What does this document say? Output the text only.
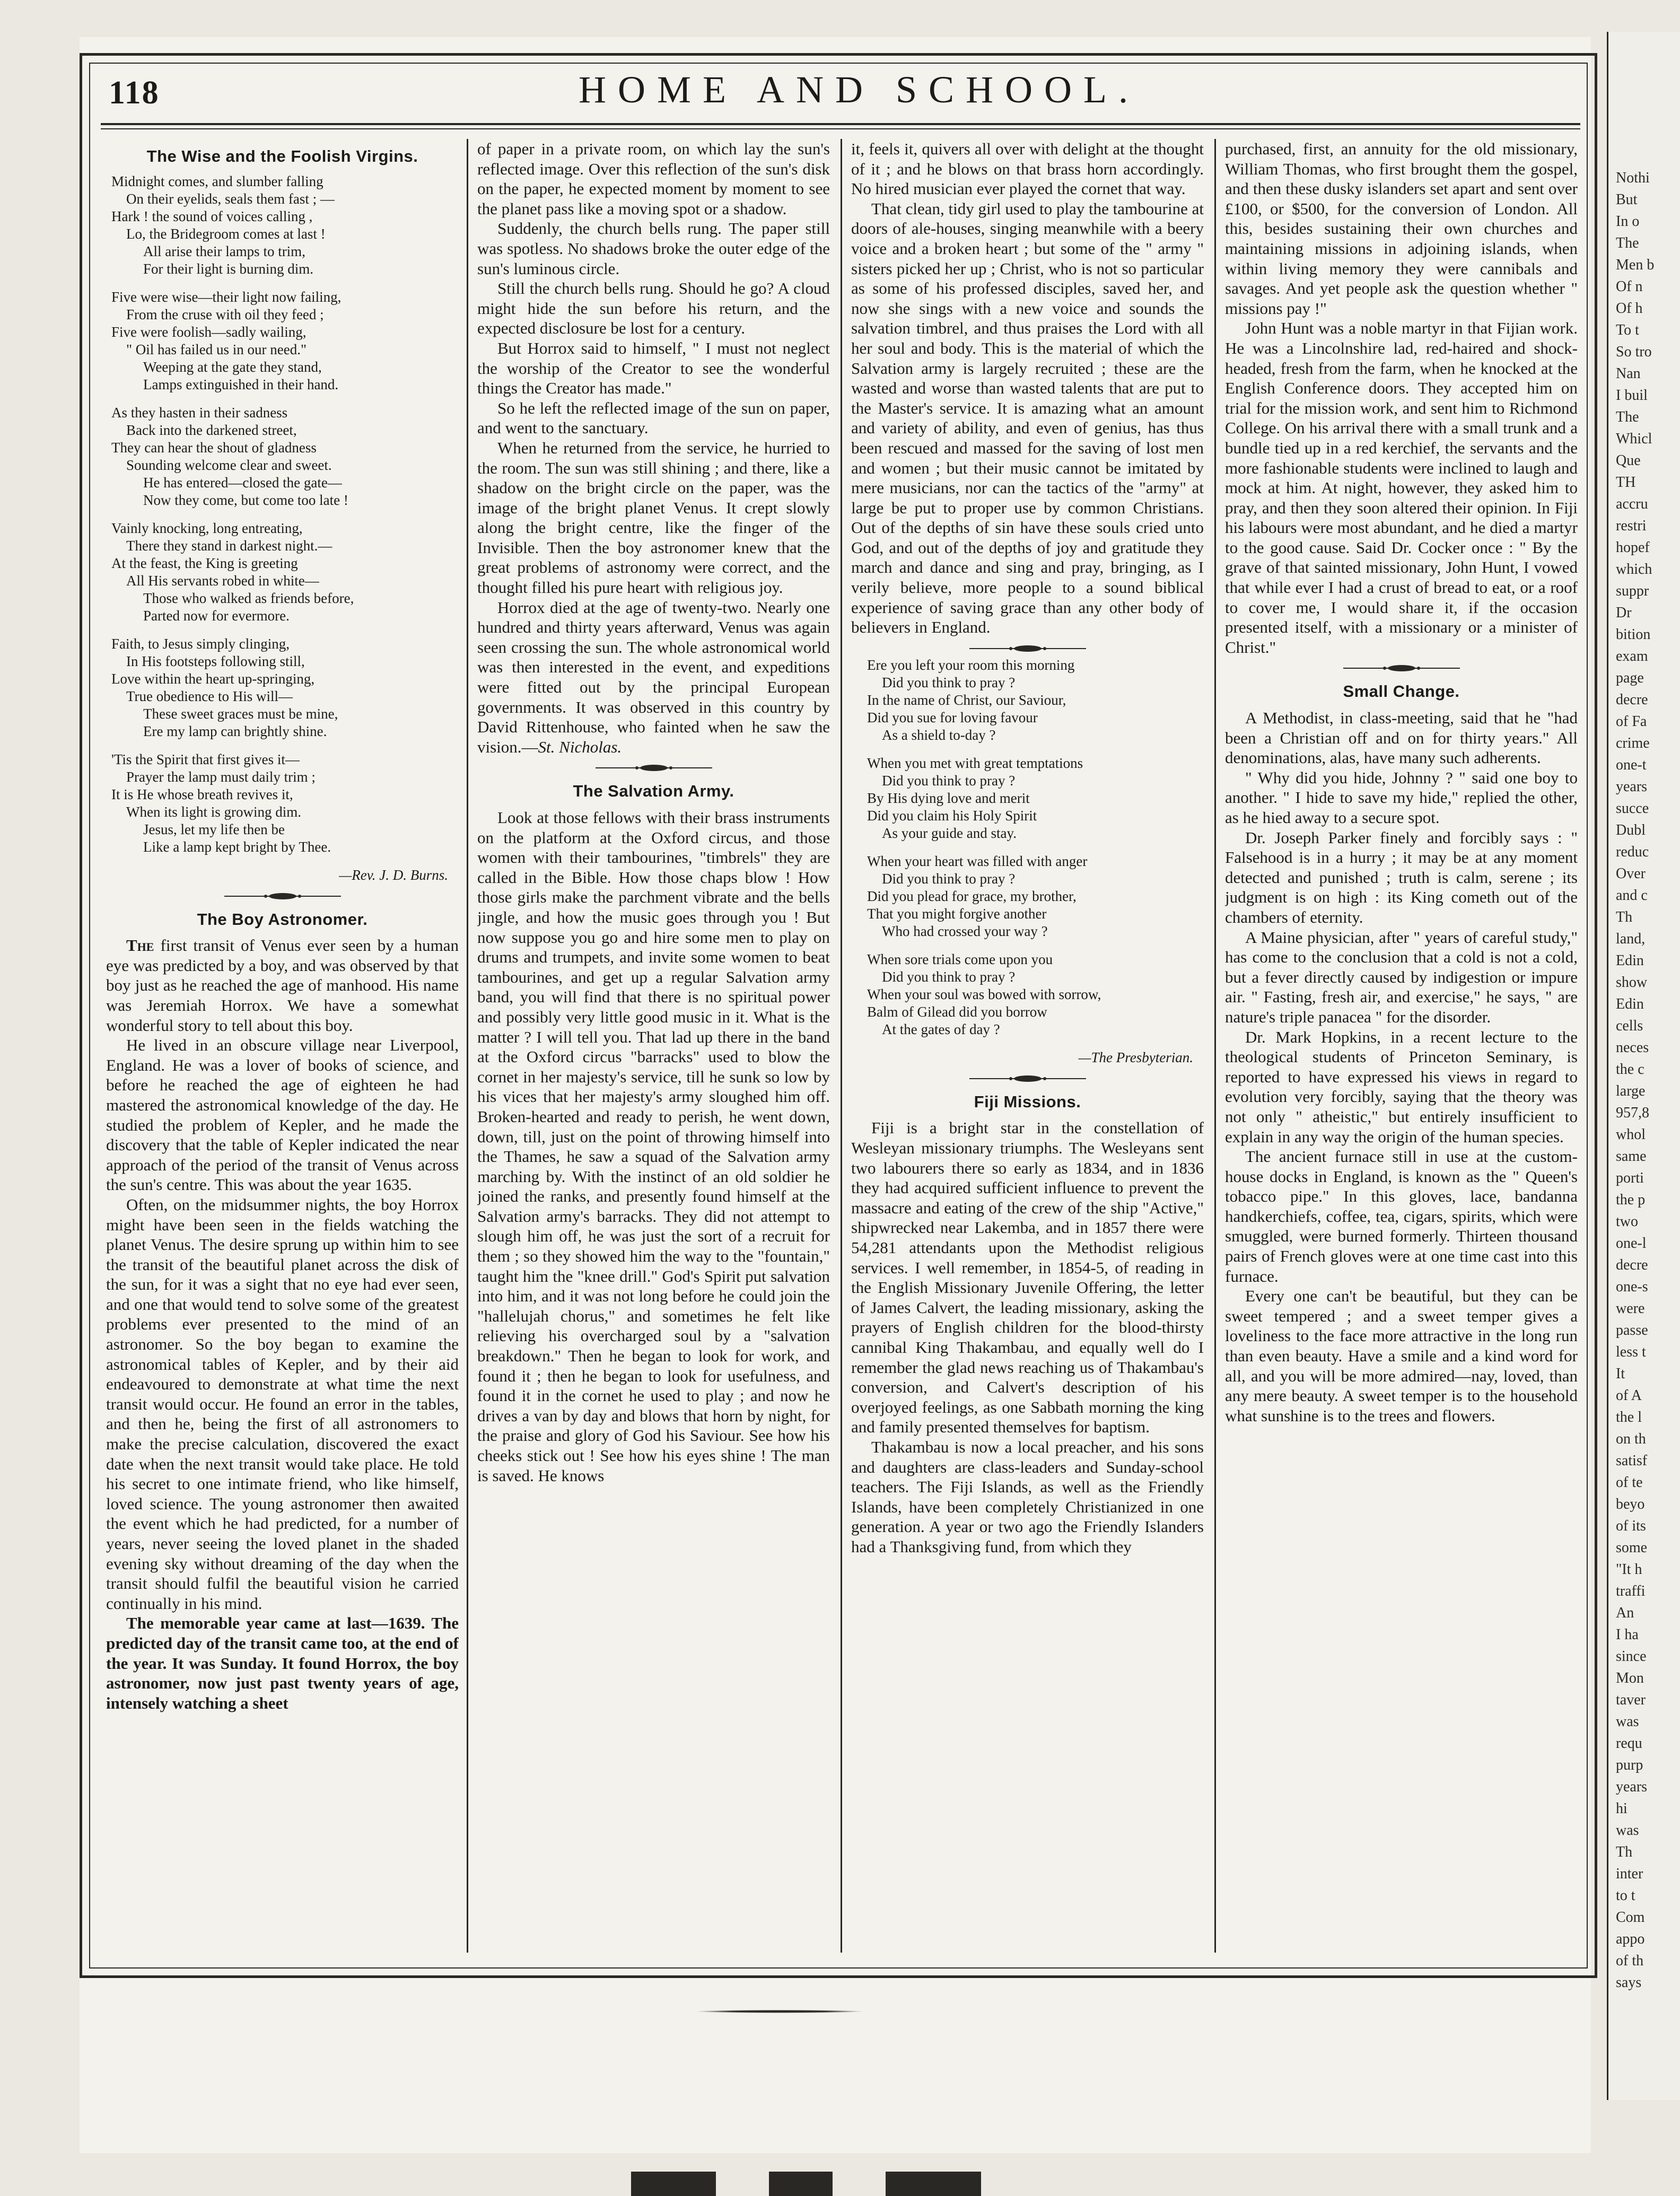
118	HOME AND SCHOOL.
The Wise and the Foolish Virgins.
Midnight comes, and slumber falling
On their eyelids, seals them fast ; —
Hark ! the sound of voices calling ,
Lo, the Bridegroom comes at last !
All arise their lamps to trim,
For their light is burning dim.
Five were wise—their light now failing,
From the cruse with oil they feed ;
Five were foolish—sadly wailing,
" Oil has failed us in our need."
Weeping at the gate they stand,
Lamps extinguished in their hand.
As they hasten in their sadness
Back into the darkened street,
They can hear the shout of gladness
Sounding welcome clear and sweet.
He has entered—closed the gate—
Now they come, but come too late !
Vainly knocking, long entreating,
There they stand in darkest night.—
At the feast, the King is greeting
All His servants robed in white—
Those who walked as friends before,
Parted now for evermore.
Faith, to Jesus simply clinging,
In His footsteps following still,
Love within the heart up-springing,
True obedience to His will—
These sweet graces must be mine,
Ere my lamp can brightly shine.
'Tis the Spirit that first gives it—
Prayer the lamp must daily trim ;
It is He whose breath revives it,
When its light is growing dim.
Jesus, let my life then be
Like a lamp kept bright by Thee.
—Rev. J. D. Burns.
The Boy Astronomer.

The first transit of Venus ever seen by a human eye was predicted by a boy, and was observed by that boy just as he reached the age of manhood. His name was Jeremiah Horrox. We have a somewhat wonderful story to tell about this boy.

He lived in an obscure village near Liverpool, England. He was a lover of books of science, and before he reached the age of eighteen he had mastered the astronomical knowledge of the day. He studied the problem of Kepler, and he made the discovery that the table of Kepler indicated the near approach of the period of the transit of Venus across the sun's centre. This was about the year 1635.

Often, on the midsummer nights, the boy Horrox might have been seen in the fields watching the planet Venus. The desire sprung up within him to see the transit of the beautiful planet across the disk of the sun, for it was a sight that no eye had ever seen, and one that would tend to solve some of the greatest problems ever presented to the mind of an astronomer. So the boy began to examine the astronomical tables of Kepler, and by their aid endeavoured to demonstrate at what time the next transit would occur. He found an error in the tables, and then he, being the first of all astronomers to make the precise calculation, discovered the exact date when the next transit would take place. He told his secret to one intimate friend, who like himself, loved science. The young astronomer then awaited the event which he had predicted, for a number of years, never seeing the loved planet in the shaded evening sky without dreaming of the day when the transit should fulfil the beautiful vision he carried continually in his mind.

The memorable year came at last—1639. The predicted day of the transit came too, at the end of the year. It was Sunday. It found Horrox, the boy astronomer, now just past twenty years of age, intensely watching a sheet

of paper in a private room, on which lay the sun's reflected image. Over this reflection of the sun's disk on the paper, he expected moment by moment to see the planet pass like a moving spot or a shadow.

Suddenly, the church bells rung. The paper still was spotless. No shadows broke the outer edge of the sun's luminous circle.

Still the church bells rung. Should he go? A cloud might hide the sun before his return, and the expected disclosure be lost for a century.

But Horrox said to himself, " I must not neglect the worship of the Creator to see the wonderful things the Creator has made."

So he left the reflected image of the sun on paper, and went to the sanctuary.

When he returned from the service, he hurried to the room. The sun was still shining ; and there, like a shadow on the bright circle on the paper, was the image of the bright planet Venus. It crept slowly along the bright centre, like the finger of the Invisible. Then the boy astronomer knew that the great problems of astronomy were correct, and the thought filled his pure heart with religious joy.

Horrox died at the age of twenty-two. Nearly one hundred and thirty years afterward, Venus was again seen crossing the sun. The whole astronomical world was then interested in the event, and expeditions were fitted out by the principal European governments. It was observed in this country by David Rittenhouse, who fainted when he saw the vision.—St. Nicholas.

The Salvation Army.

Look at those fellows with their brass instruments on the platform at the Oxford circus, and those women with their tambourines, "timbrels" they are called in the Bible. How those chaps blow ! How those girls make the parchment vibrate and the bells jingle, and how the music goes through you ! But now suppose you go and hire some men to play on drums and trumpets, and invite some women to beat tambourines, and get up a regular Salvation army band, you will find that there is no spiritual power and possibly very little good music in it. What is the matter ? I will tell you. That lad up there in the band at the Oxford circus "barracks" used to blow the cornet in her majesty's service, till he sunk so low by his vices that her majesty's army sloughed him off. Broken-hearted and ready to perish, he went down, down, till, just on the point of throwing himself into the Thames, he saw a squad of the Salvation army marching by. With the instinct of an old soldier he joined the ranks, and presently found himself at the Salvation army's barracks. They did not attempt to slough him off, he was just the sort of a recruit for them ; so they showed him the way to the "fountain," taught him the "knee drill." God's Spirit put salvation into him, and it was not long before he could join the "hallelujah chorus," and sometimes he felt like relieving his overcharged soul by a "salvation breakdown." Then he began to look for work, and found it ; then he began to look for usefulness, and found it in the cornet he used to play ; and now he drives a van by day and blows that horn by night, for the praise and glory of God his Saviour. See how his cheeks stick out ! See how his eyes shine ! The man is saved. He knows

it, feels it, quivers all over with delight at the thought of it ; and he blows on that brass horn accordingly. No hired musician ever played the cornet that way.

That clean, tidy girl used to play the tambourine at doors of ale-houses, singing meanwhile with a beery voice and a broken heart ; but some of the " army " sisters picked her up ; Christ, who is not so particular as some of his professed disciples, saved her, and now she sings with a new voice and sounds the salvation timbrel, and thus praises the Lord with all her soul and body. This is the material of which the Salvation army is largely recruited ; these are the wasted and worse than wasted talents that are put to the Master's service. It is amazing what an amount and variety of ability, and even of genius, has thus been rescued and massed for the saving of lost men and women ; but their music cannot be imitated by mere musicians, nor can the tactics of the "army" at large be put to proper use by common Christians. Out of the depths of sin have these souls cried unto God, and out of the depths of joy and gratitude they march and dance and sing and pray, bringing, as I verily believe, more people to a sound biblical experience of saving grace than any other body of believers in England.

Ere you left your room this morning
Did you think to pray ?
In the name of Christ, our Saviour,
Did you sue for loving favour
As a shield to-day ?
When you met with great temptations
Did you think to pray ?
By His dying love and merit
Did you claim his Holy Spirit
As your guide and stay.
When your heart was filled with anger
Did you think to pray ?
Did you plead for grace, my brother,
That you might forgive another
Who had crossed your way ?
When sore trials come upon you
Did you think to pray ?
When your soul was bowed with sorrow,
Balm of Gilead did you borrow
At the gates of day ?
—The Presbyterian.
Fiji Missions.

Fiji is a bright star in the constellation of Wesleyan missionary triumphs. The Wesleyans sent two labourers there so early as 1834, and in 1836 they had acquired sufficient influence to prevent the massacre and eating of the crew of the ship "Active," shipwrecked near Lakemba, and in 1857 there were 54,281 attendants upon the Methodist religious services. I well remember, in 1854-5, of reading in the English Missionary Juvenile Offering, the letter of James Calvert, the leading missionary, asking the prayers of English children for the blood-thirsty cannibal King Thakambau, and equally well do I remember the glad news reaching us of Thakambau's conversion, and Calvert's description of his overjoyed feelings, as one Sabbath morning the king and family presented themselves for baptism.

Thakambau is now a local preacher, and his sons and daughters are class-leaders and Sunday-school teachers. The Fiji Islands, as well as the Friendly Islands, have been completely Christianized in one generation. A year or two ago the Friendly Islanders had a Thanksgiving fund, from which they

purchased, first, an annuity for the old missionary, William Thomas, who first brought them the gospel, and then these dusky islanders set apart and sent over £100, or $500, for the conversion of London. All this, besides sustaining their own churches and maintaining missions in adjoining islands, when within living memory they were cannibals and savages. And yet people ask the question whether " missions pay !"

John Hunt was a noble martyr in that Fijian work. He was a Lincolnshire lad, red-haired and shock-headed, fresh from the farm, when he knocked at the English Conference doors. They accepted him on trial for the mission work, and sent him to Richmond College. On his arrival there with a small trunk and a bundle tied up in a red kerchief, the servants and the more fashionable students were inclined to laugh and mock at him. At night, however, they asked him to pray, and then they soon altered their opinion. In Fiji his labours were most abundant, and he died a martyr to the good cause. Said Dr. Cocker once : " By the grave of that sainted missionary, John Hunt, I vowed that while ever I had a crust of bread to eat, or a roof to cover me, I would share it, if the occasion presented itself, with a missionary or a minister of Christ."

Small Change.

A Methodist, in class-meeting, said that he "had been a Christian off and on for thirty years." All denominations, alas, have many such adherents.

" Why did you hide, Johnny ? " said one boy to another. " I hide to save my hide," replied the other, as he hied away to a secure spot.

Dr. Joseph Parker finely and forcibly says : " Falsehood is in a hurry ; it may be at any moment detected and punished ; truth is calm, serene ; its judgment is on high : its King cometh out of the chambers of eternity.

A Maine physician, after " years of careful study," has come to the conclusion that a cold is not a cold, but a fever directly caused by indigestion or impure air. " Fasting, fresh air, and exercise," he says, " are nature's triple panacea " for the disorder.

Dr. Mark Hopkins, in a recent lecture to the theological students of Princeton Seminary, is reported to have expressed his views in regard to evolution very forcibly, saying that the theory was not only " atheistic," but entirely insufficient to explain in any way the origin of the human species.

The ancient furnace still in use at the custom-house docks in England, is known as the " Queen's tobacco pipe." In this gloves, lace, bandanna handkerchiefs, coffee, tea, cigars, spirits, which were smuggled, were burned formerly. Thirteen thousand pairs of French gloves were at one time cast into this furnace.

Every one can't be beautiful, but they can be sweet tempered ; and a sweet temper gives a loveliness to the face more attractive in the long run than even beauty. Have a smile and a kind word for all, and you will be more admired—nay, loved, than any mere beauty. A sweet temper is to the household what sunshine is to the trees and flowers.

Nothi
But
In o
The
Men b
Of n
Of h
To t
So tro
Nan
I buil
The
Whicl
Que
TH
accru
restri
hopef
which
suppr
Dr
bition
exam
page
decre
of Fa
crime
one-t
years
succe
Dubl
reduc
Over
and c
Th
land,
Edin
show
Edin
cells
neces
the c
large
957,8
whol
same
porti
the p
two
one-l
decre
one-s
were
passe
less t
It
of A
the l
on th
satisf
of te
beyo
of its
some
"It h
traffi
An
I ha
since
Mon
taver
was
requ
purp
years
hi
was
Th
inter
to t
Com
appo
of th
says
